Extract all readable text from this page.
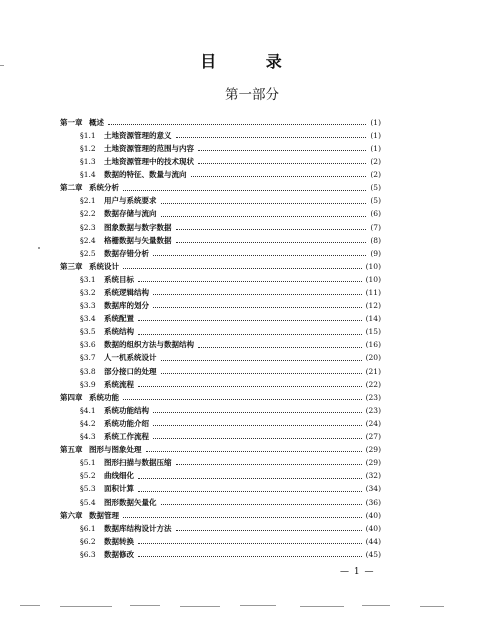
目 录
第一部分
第一章 概述	(1)
§1.1	土地资源管理的意义	(1)
§1.2	土地资源管理的范围与内容	(1)
§1.3	土地资源管理中的技术现状	(2)
§1.4	数据的特征、数量与流向	(2)
第二章 系统分析	(5)
§2.1	用户与系统要求	(5)
§2.2	数据存储与流向	(6)
§2.3	图象数据与数字数据	(7)
§2.4	格栅数据与矢量数据	(8)
§2.5	数据存错分析	(9)
第三章 系统设计	(10)
§3.1	系统目标	(10)
§3.2	系统逻辑结构	(11)
§3.3	数据库的划分	(12)
§3.4	系统配置	(14)
§3.5	系统结构	(15)
§3.6	数据的组织方法与数据结构	(16)
§3.7	人一机系统设计	(20)
§3.8	部分接口的处理	(21)
§3.9	系统流程	(22)
第四章 系统功能	(23)
§4.1	系统功能结构	(23)
§4.2	系统功能介绍	(24)
§4.3	系统工作流程	(27)
第五章 图形与图象处理	(29)
§5.1	图形扫描与数据压缩	(29)
§5.2	曲线细化	(32)
§5.3	面积计算	(34)
§5.4	图形数据矢量化	(36)
第六章 数据管理	(40)
§6.1	数据库结构设计方法	(40)
§6.2	数据转换	(44)
§6.3	数据修改	(45)
— 1 —
